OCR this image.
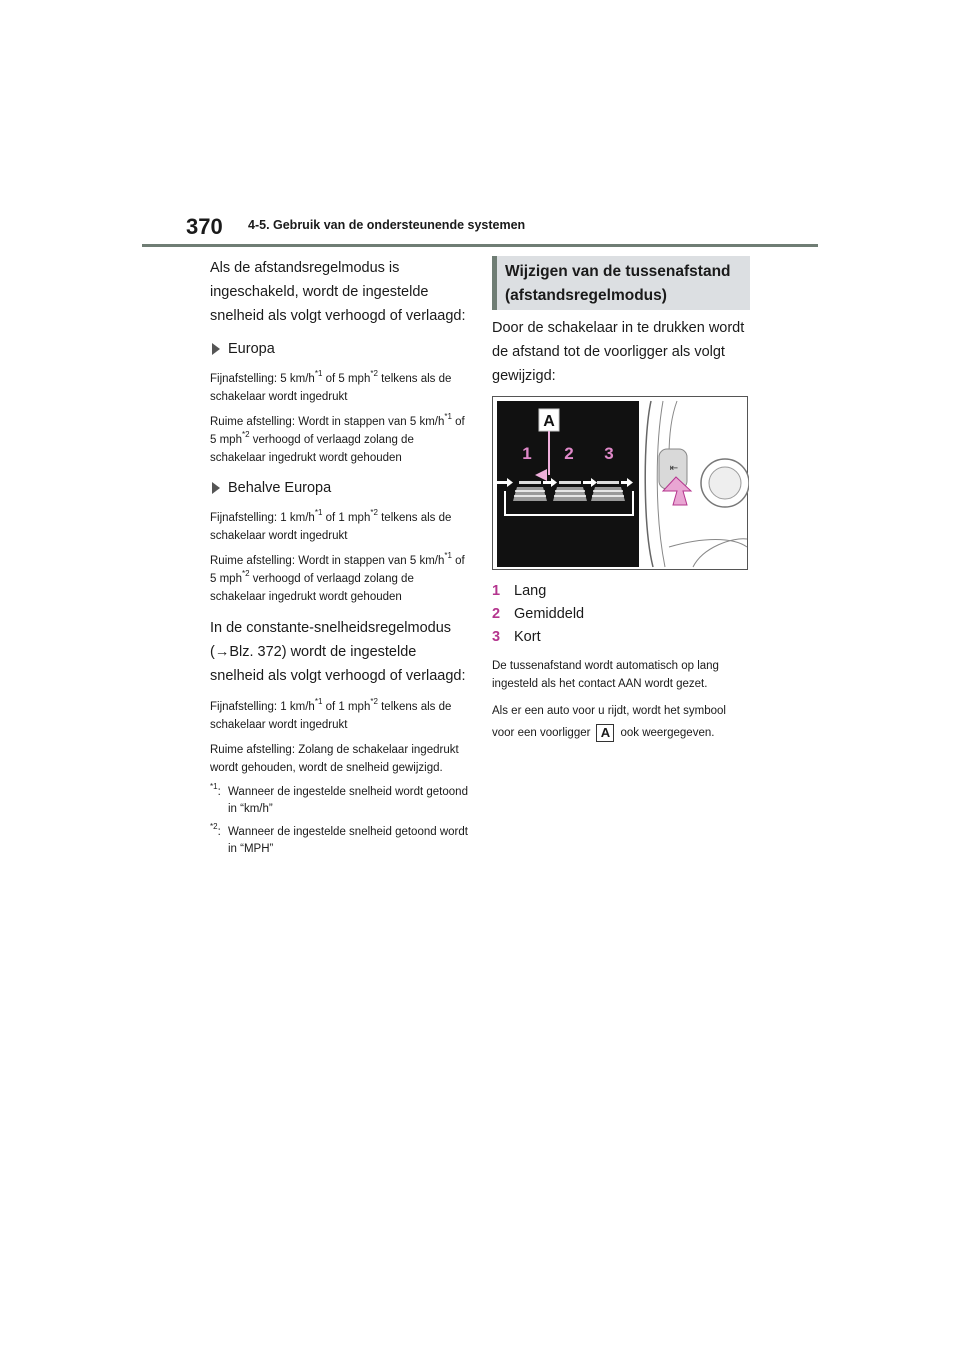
370 4-5. Gebruik van de ondersteunende systemen

Als de afstandsregelmodus is ingeschakeld, wordt de ingestelde snelheid als volgt verhoogd of verlaagd:

Europa

Fijnafstelling: 5 $km/h^{*1}$ of 5 mph$^{*2}$ telkens als de schakelaar wordt ingedrukt

Ruime afstelling: Wordt in stappen van 5 $km/h^{*1}$ of 5 mph$^{*2}$ verhoogd of verlaagd zolang de schakelaar ingedrukt wordt gehouden

Behalve Europa

Fijnafstelling: 1 $km/h^{*1}$ of 1 mph$^{*2}$ telkens als de schakelaar wordt ingedrukt

Ruime afstelling: Wordt in stappen van 5 $km/h^{*1}$ of 5 mph$^{*2}$ verhoogd of verlaagd zolang de schakelaar ingedrukt wordt gehouden

In de constante-snelheidsregelmodus (→Blz. 372) wordt de ingestelde snelheid als volgt verhoogd of verlaagd:

Fijnafstelling: 1 $km/h^{*1}$ of 1 mph$^{*2}$ telkens als de schakelaar wordt ingedrukt

Ruime afstelling: Zolang de schakelaar ingedrukt wordt gehouden, wordt de snelheid gewijzigd.

$^{*1}$: Wanneer de ingestelde snelheid wordt getoond in “km/h”
$^{*2}$: Wanneer de ingestelde snelheid getoond wordt in “MPH”
Wijzigen van de tussenafstand (afstandsregelmodus)

Door de schakelaar in te drukken wordt de afstand tot de voorligger als volgt gewijzigd:

A
1 2 3
⇤
1 Lang
2 Gemiddeld
3 Kort

De tussenafstand wordt automatisch op lang ingesteld als het contact AAN wordt gezet.

Als er een auto voor u rijdt, wordt het symbool voor een voorligger A ook weergegeven.
